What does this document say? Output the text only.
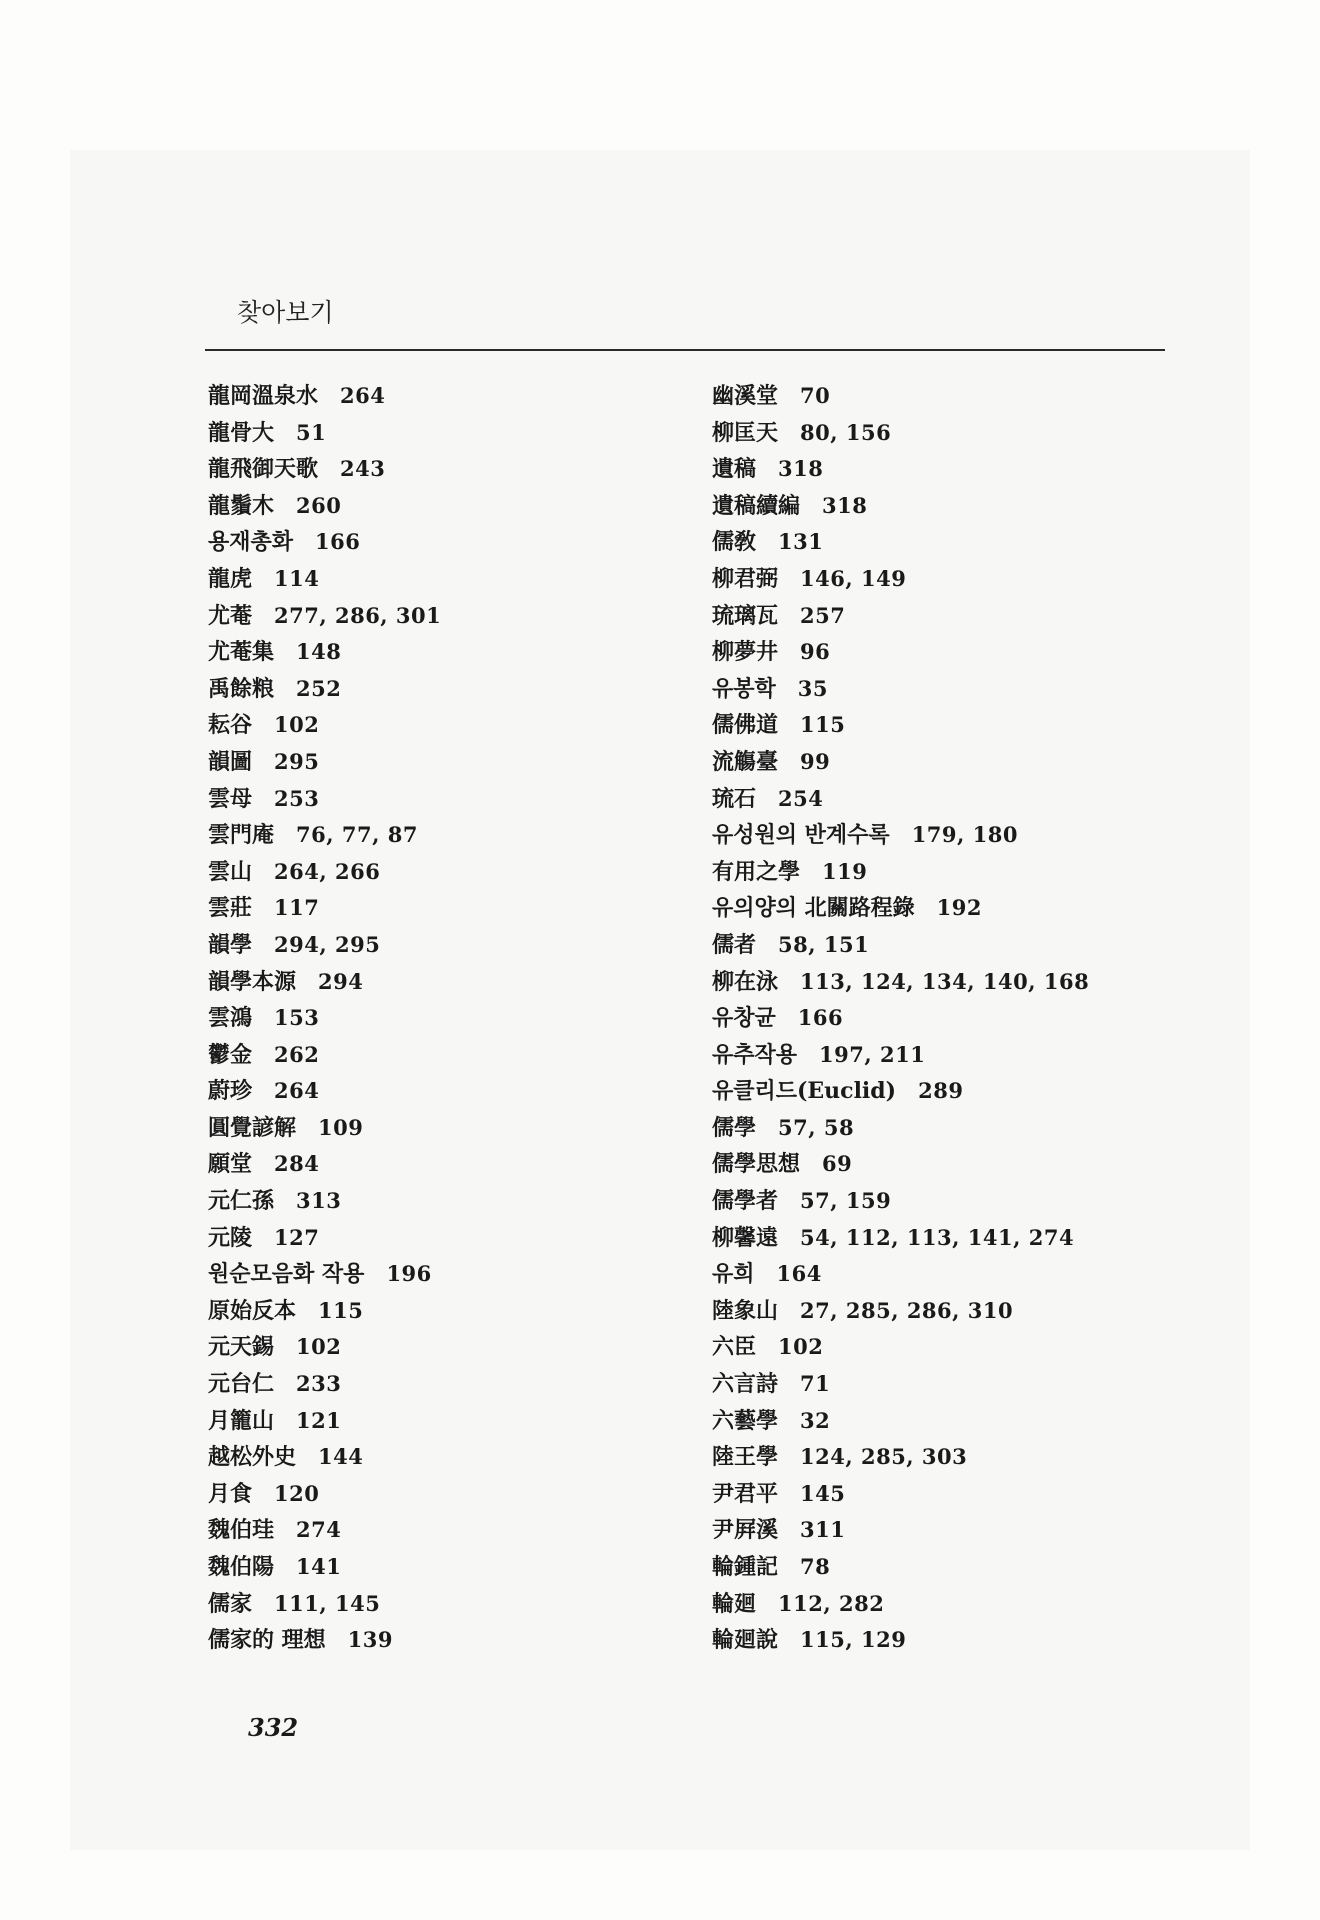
찾아보기
龍岡溫泉水 264
龍骨大 51
龍飛御天歌 243
龍鬚木 260
용재총화 166
龍虎 114
尤菴 277, 286, 301
尤菴集 148
禹餘粮 252
耘谷 102
韻圖 295
雲母 253
雲門庵 76, 77, 87
雲山 264, 266
雲莊 117
韻學 294, 295
韻學本源 294
雲鴻 153
鬱金 262
蔚珍 264
圓覺諺解 109
願堂 284
元仁孫 313
元陵 127
원순모음화 작용 196
原始反本 115
元天錫 102
元台仁 233
月籠山 121
越松外史 144
月食 120
魏伯珪 274
魏伯陽 141
儒家 111, 145
儒家的 理想 139
幽溪堂 70
柳匡天 80, 156
遺稿 318
遺稿續編 318
儒敎 131
柳君弼 146, 149
琉璃瓦 257
柳夢井 96
유봉학 35
儒佛道 115
流觴臺 99
琉石 254
유성원의 반계수록 179, 180
有用之學 119
유의양의 北關路程錄 192
儒者 58, 151
柳在泳 113, 124, 134, 140, 168
유창균 166
유추작용 197, 211
유클리드(Euclid) 289
儒學 57, 58
儒學思想 69
儒學者 57, 159
柳馨遠 54, 112, 113, 141, 274
유희 164
陸象山 27, 285, 286, 310
六臣 102
六言詩 71
六藝學 32
陸王學 124, 285, 303
尹君平 145
尹屛溪 311
輪鍾記 78
輪廻 112, 282
輪廻說 115, 129
332
